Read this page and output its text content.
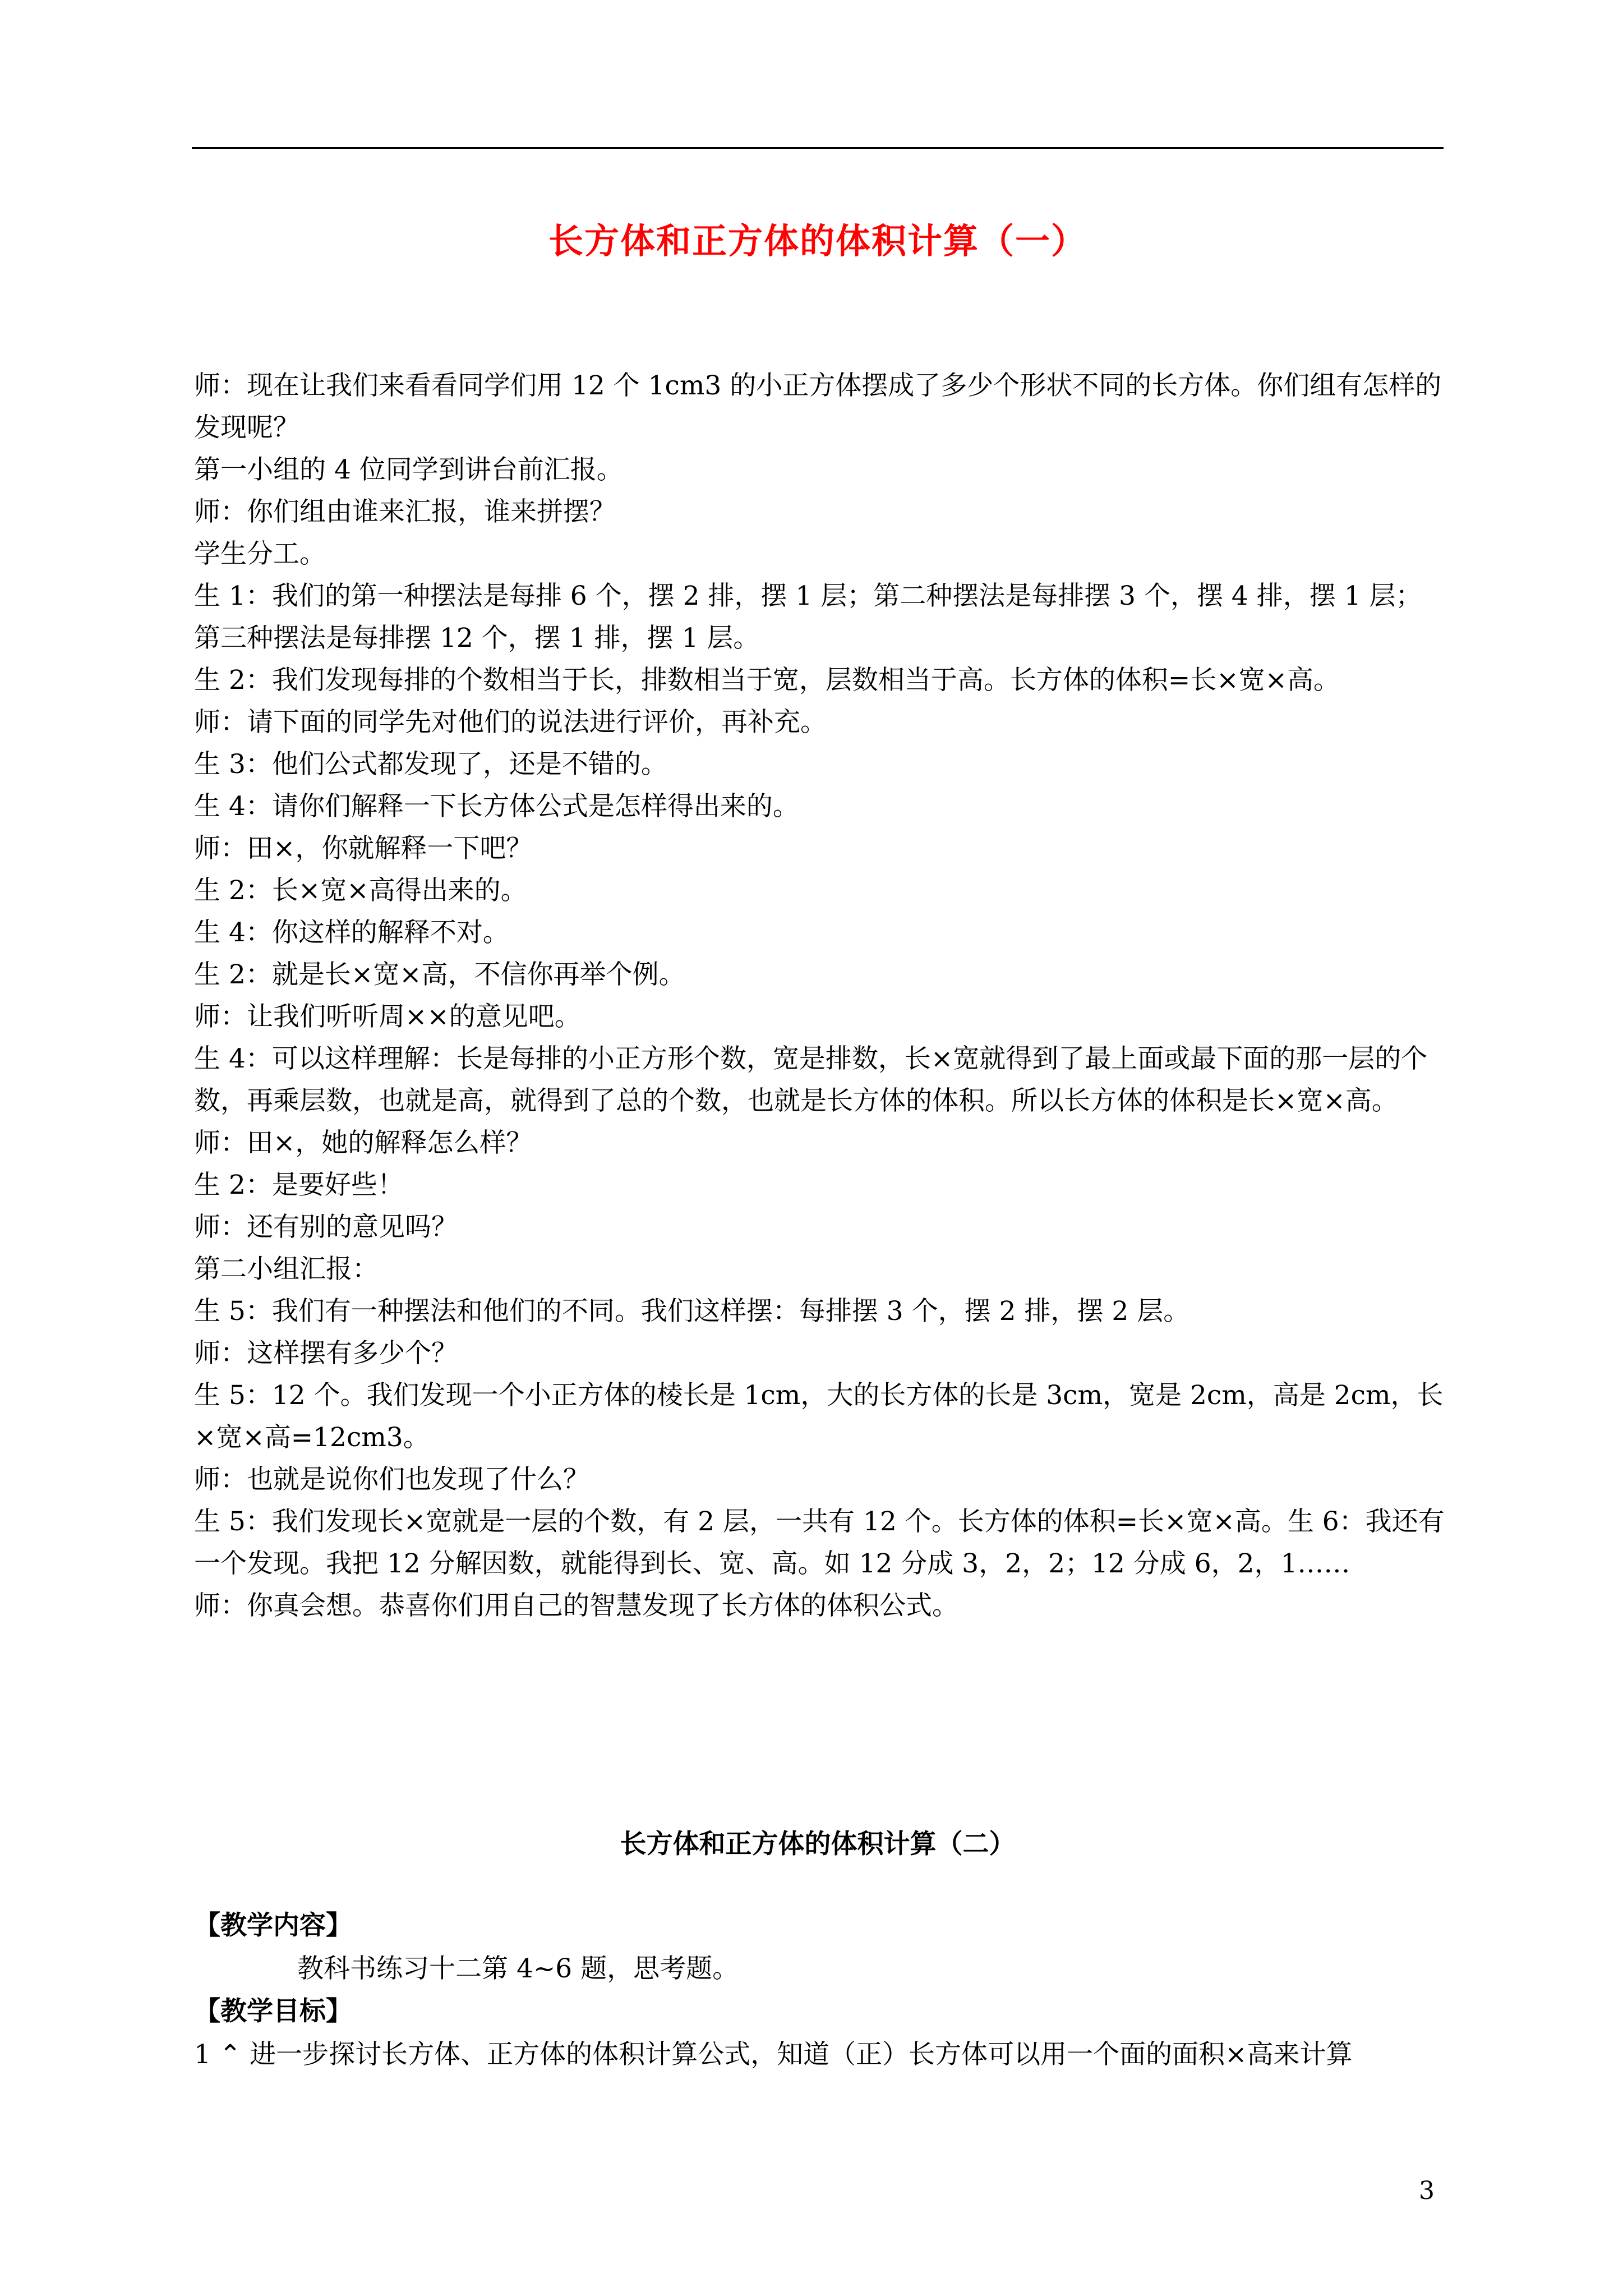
长方体和正方体的体积计算（一）

师：现在让我们来看看同学们用 12 个 1cm3 的小正方体摆成了多少个形状不同的长方体。你们组有怎样的发现呢？

第一小组的 4 位同学到讲台前汇报。

师：你们组由谁来汇报，谁来拼摆？

学生分工。

生 1：我们的第一种摆法是每排 6 个，摆 2 排，摆 1 层；第二种摆法是每排摆 3 个，摆 4 排，摆 1 层；第三种摆法是每排摆 12 个，摆 1 排，摆 1 层。

生 2：我们发现每排的个数相当于长，排数相当于宽，层数相当于高。长方体的体积=长×宽×高。

师：请下面的同学先对他们的说法进行评价，再补充。

生 3：他们公式都发现了，还是不错的。

生 4：请你们解释一下长方体公式是怎样得出来的。

师：田×，你就解释一下吧？

生 2：长×宽×高得出来的。

生 4：你这样的解释不对。

生 2：就是长×宽×高，不信你再举个例。

师：让我们听听周××的意见吧。

生 4：可以这样理解：长是每排的小正方形个数，宽是排数，长×宽就得到了最上面或最下面的那一层的个数，再乘层数，也就是高，就得到了总的个数，也就是长方体的体积。所以长方体的体积是长×宽×高。

师：田×，她的解释怎么样？

生 2：是要好些！

师：还有别的意见吗？

第二小组汇报：

生 5：我们有一种摆法和他们的不同。我们这样摆：每排摆 3 个，摆 2 排，摆 2 层。

师：这样摆有多少个？

生 5：12 个。我们发现一个小正方体的棱长是 1cm，大的长方体的长是 3cm，宽是 2cm，高是 2cm，长×宽×高=12cm3。

师：也就是说你们也发现了什么？

生 5：我们发现长×宽就是一层的个数，有 2 层，一共有 12 个。长方体的体积=长×宽×高。生 6：我还有一个发现。我把 12 分解因数，就能得到长、宽、高。如 12 分成 3，2，2；12 分成 6，2，1……

师：你真会想。恭喜你们用自己的智慧发现了长方体的体积公式。

长方体和正方体的体积计算（二）
【教学内容】
教科书练习十二第 4~6 题，思考题。
【教学目标】
1 ⌃ 进一步探讨长方体、正方体的体积计算公式，知道（正）长方体可以用一个面的面积×高来计算
3
